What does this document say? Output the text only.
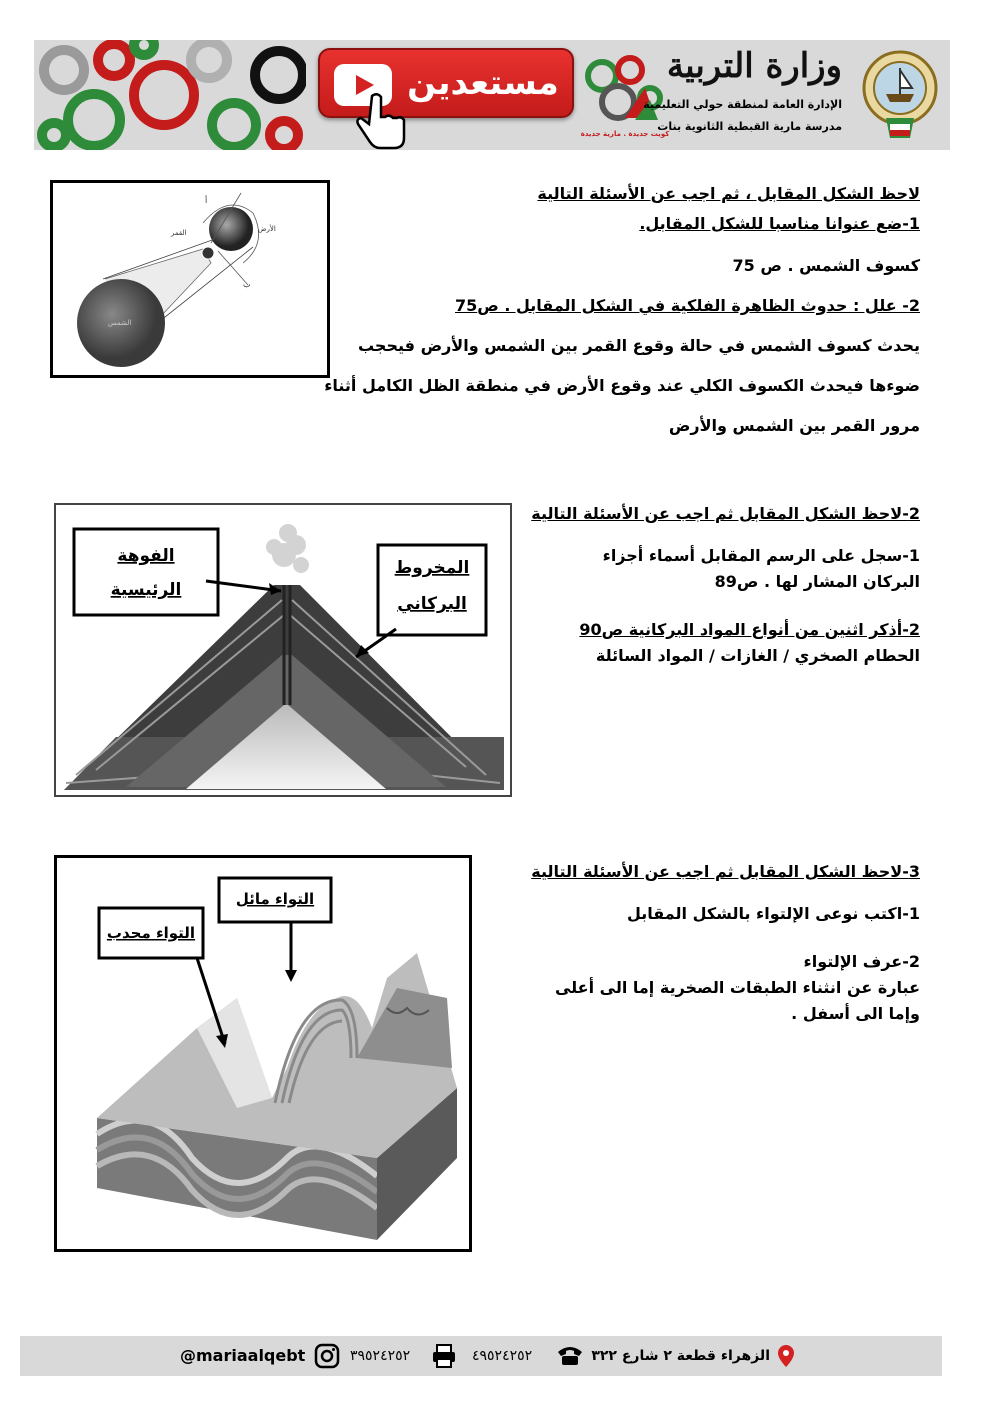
مستعدين
كويت جديدة . مارية جديدة
وزارة التربية
الإدارة العامة لمنطقة حولي التعليمية
مدرسة مارية القبطية الثانوية بنات
الأرض
القمر
الشمس
أ
ب
لاحظ الشكل المقابل ، ثم اجب عن الأسئلة التالية
1-ضع عنوانا مناسبا للشكل المقابل.
كسوف الشمس . ص 75
2- علل : حدوث الظاهرة الفلكية في الشكل المقابل . ص75
يحدث كسوف الشمس في حالة وقوع القمر بين الشمس والأرض فيحجب
ضوءها فيحدث الكسوف الكلي عند وقوع الأرض في منطقة الظل الكامل أثناء
مرور القمر بين الشمس والأرض
الفوهة
الرئيسية
المخروط
البركاني
2-لاحظ الشكل المقابل ثم اجب عن الأسئلة التالية
1-سجل على الرسم المقابل أسماء أجزاء
البركان المشار لها . ص89
2-أذكر اثنين من أنواع المواد البركانية ص90
الحطام الصخري / الغازات / المواد السائلة
التواء محدب
التواء مائل
3-لاحظ الشكل المقابل ثم اجب عن الأسئلة التالية
1-اكتب نوعى الإلتواء بالشكل المقابل
2-عرف الإلتواء
عبارة عن انثناء الطبقات الصخرية إما الى أعلى
وإما الى أسفل .
الزهراء قطعة ٢ شارع ٣٢٢
٤٩٥٢٤٢٥٢
٣٩٥٢٤٢٥٢
@mariaalqebt
